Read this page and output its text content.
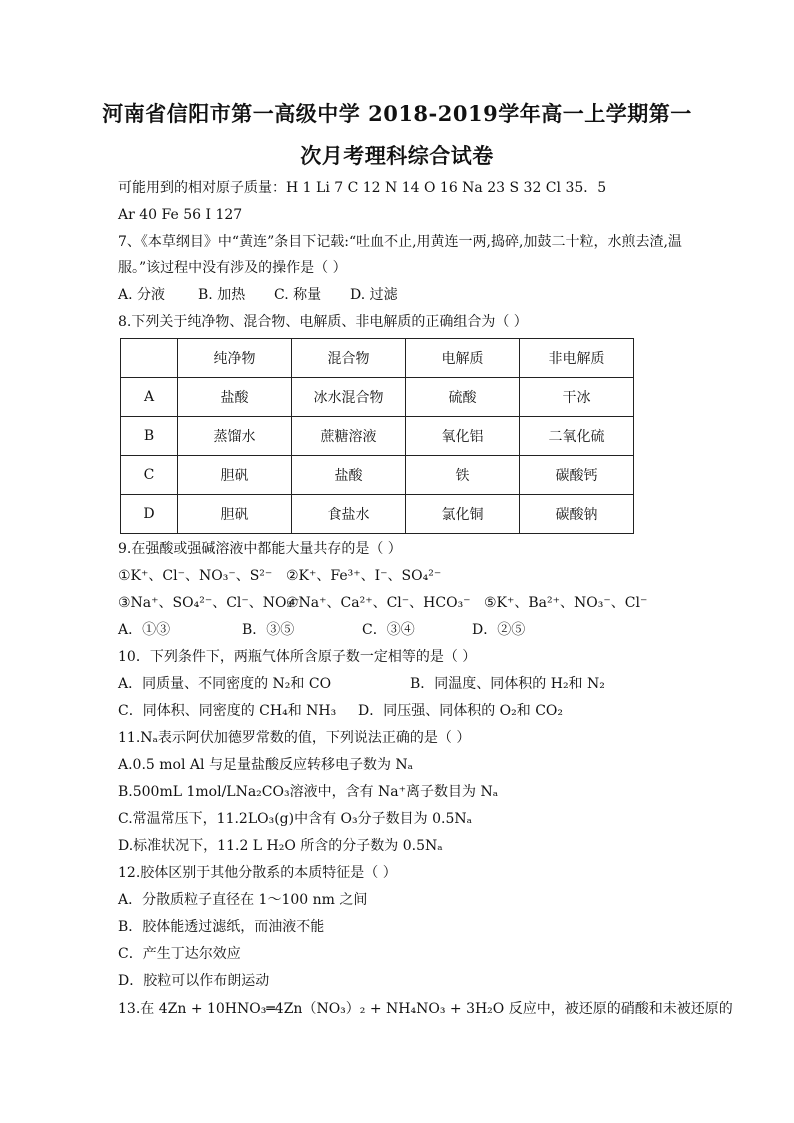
河南省信阳市第一高级中学 2018-2019学年高一上学期第一
次月考理科综合试卷
可能用到的相对原子质量：H 1 Li 7 C 12 N 14 O 16 Na 23 S 32 Cl 35．5
Ar 40 Fe 56 I 127
7、《本草纲目》中“黄连”条目下记载:“吐血不止,用黄连一两,捣碎,加鼓二十粒，水煎去渣,温
服。”该过程中没有涉及的操作是（ ）
A. 分液 B. 加热 C. 称量 D. 过滤
8.下列关于纯净物、混合物、电解质、非电解质的正确组合为（ ）
	纯净物	混合物	电解质	非电解质
A	盐酸	冰水混合物	硫酸	干冰
B	蒸馏水	蔗糖溶液	氧化铝	二氧化硫
C	胆矾	盐酸	铁	碳酸钙
D	胆矾	食盐水	氯化铜	碳酸钠
9.在强酸或强碱溶液中都能大量共存的是（ ）
①K⁺、Cl⁻、NO₃⁻、S²⁻ ②K⁺、Fe³⁺、I⁻、SO₄²⁻
③Na⁺、SO₄²⁻、Cl⁻、NO₃⁻④Na⁺、Ca²⁺、Cl⁻、HCO₃⁻ ⑤K⁺、Ba²⁺、NO₃⁻、Cl⁻
A．①③	B．③⑤	C．③④	D．②⑤
10．下列条件下，两瓶气体所含原子数一定相等的是（ ）
A．同质量、不同密度的 N₂和 CO	B．同温度、同体积的 H₂和 N₂
C．同体积、同密度的 CH₄和 NH₃ D．同压强、同体积的 O₂和 CO₂
11.Nₐ表示阿伏加德罗常数的值，下列说法正确的是（ ）
A.0.5 mol Al 与足量盐酸反应转移电子数为 Nₐ
B.500mL 1mol/LNa₂CO₃溶液中，含有 Na⁺离子数目为 Nₐ
C.常温常压下，11.2LO₃(g)中含有 O₃分子数目为 0.5Nₐ
D.标准状况下，11.2 L H₂O 所含的分子数为 0.5Nₐ
12.胶体区别于其他分散系的本质特征是（ ）
A．分散质粒子直径在 1～100 nm 之间
B．胶体能透过滤纸，而油液不能
C．产生丁达尔效应
D．胶粒可以作布朗运动
13.在 4Zn + 10HNO₃═4Zn（NO₃）₂ + NH₄NO₃ + 3H₂O 反应中，被还原的硝酸和未被还原的
